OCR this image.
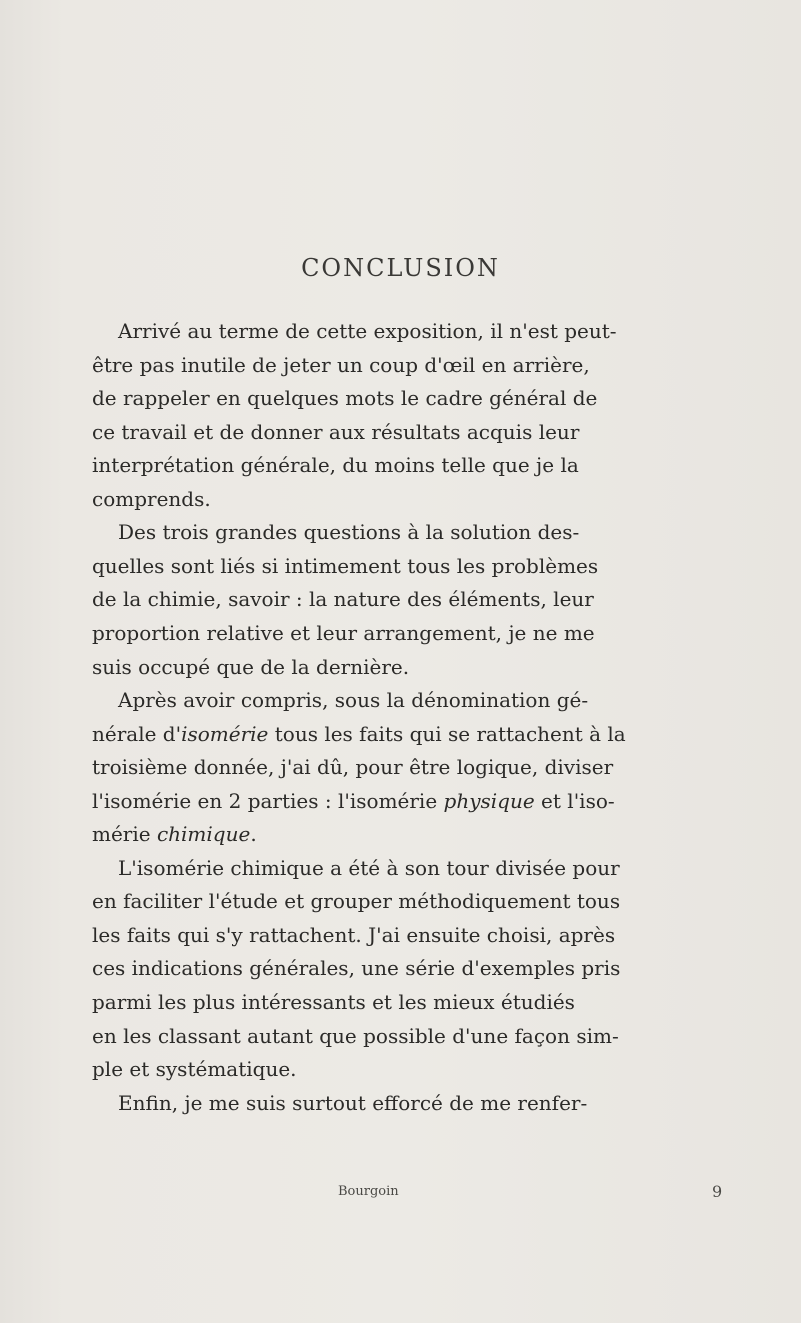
CONCLUSION
Arrivé au terme de cette exposition, il n'est peut-
être pas inutile de jeter un coup d'œil en arrière,
de rappeler en quelques mots le cadre général de
ce travail et de donner aux résultats acquis leur
interprétation générale, du moins telle que je la
comprends.
Des trois grandes questions à la solution des-
quelles sont liés si intimement tous les problèmes
de la chimie, savoir : la nature des éléments, leur
proportion relative et leur arrangement, je ne me
suis occupé que de la dernière.
Après avoir compris, sous la dénomination gé-
nérale d'isomérie tous les faits qui se rattachent à la
troisième donnée, j'ai dû, pour être logique, diviser
l'isomérie en 2 parties : l'isomérie physique et l'iso-
mérie chimique.
L'isomérie chimique a été à son tour divisée pour
en faciliter l'étude et grouper méthodiquement tous
les faits qui s'y rattachent. J'ai ensuite choisi, après
ces indications générales, une série d'exemples pris
parmi les plus intéressants et les mieux étudiés
en les classant autant que possible d'une façon sim-
ple et systématique.
Enfin, je me suis surtout efforcé de me renfer-
Bourgoin	9
